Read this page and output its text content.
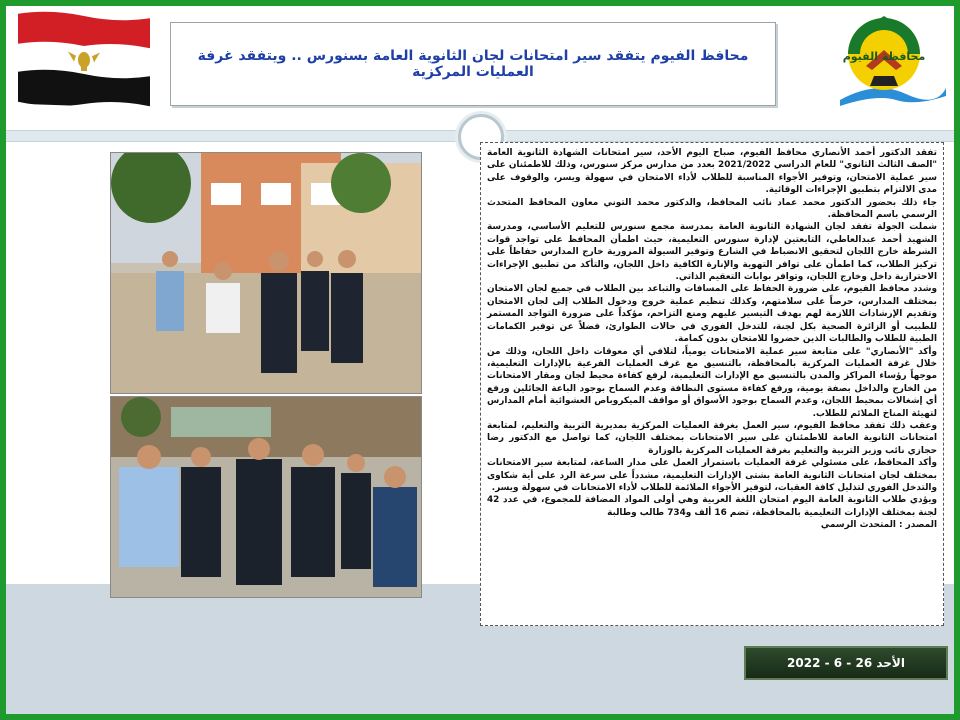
محافظ الفيوم يتفقد سير امتحانات لجان الثانوية العامة بسنورس .. ويتفقد غرفة العمليات المركزية
محافظة الفيوم

تفقد الدكتور أحمد الأنصاري محافظ الفيوم، صباح اليوم الأحد، سير امتحانات الشهادة الثانوية العامة "الصف الثالث الثانوي" للعام الدراسي 2021/2022 بعدد من مدارس مركز سنورس، وذلك للاطمئنان على سير عملية الامتحان، وتوفير الأجواء المناسبة للطلاب لأداء الامتحان في سهولة ويسر، والوقوف على مدى الالتزام بتطبيق الإجراءات الوقائية.

جاء ذلك بحضور الدكتور محمد عماد نائب المحافظ، والدكتور محمد التوني معاون المحافظ المتحدث الرسمي باسم المحافظة.

شملت الجولة تفقد لجان الشهادة الثانوية العامة بمدرسة مجمع سنورس للتعليم الأساسي، ومدرسة الشهيد أحمد عبدالعاطي، التابعتين لإدارة سنورس التعليمية، حيث اطمأن المحافظ على تواجد قوات الشرطة خارج اللجان لتحقيق الانضباط في الشارع وتوفير السيولة المرورية خارج المدارس حفاظاً على تركيز الطلاب، كما اطمأن على توافر التهوية والإنارة الكافية داخل اللجان، والتأكد من تطبيق الإجراءات الاحترازية داخل وخارج اللجان، وتوافر بوابات التعقيم الذاتي.

وشدد محافظ الفيوم، على ضرورة الحفاظ على المسافات والتباعد بين الطلاب في جميع لجان الامتحان بمختلف المدارس، حرصاً على سلامتهم، وكذلك تنظيم عملية خروج ودخول الطلاب إلى لجان الامتحان وتقديم الإرشادات اللازمة لهم بهدف التيسير عليهم ومنع التزاحم، مؤكداً على ضرورة التواجد المستمر للطبيب أو الزائرة الصحية بكل لجنة، للتدخل الفوري في حالات الطوارئ، فضلاً عن توفير الكمامات الطبية للطلاب والطالبات الذين حضروا للامتحان بدون كمامة.

وأكد "الأنصاري" على متابعة سير عملية الامتحانات يومياً، لتلافي أي معوقات داخل اللجان، وذلك من خلال غرفة العمليات المركزية بالمحافظة، بالتنسيق مع غرف العمليات الفرعية بالإدارات التعليمية، موجهاً رؤساء المراكز والمدن بالتنسيق مع الإدارات التعليمية، لرفع كفاءة محيط لجان ومقار الامتحانات من الخارج والداخل بصفة يومية، ورفع كفاءة مستوى النظافة وعدم السماح بوجود الباعة الجائلين ورفع أي إشغالات بمحيط اللجان، وعدم السماح بوجود الأسواق أو مواقف الميكروباص العشوائية أمام المدارس لتهيئة المناخ الملائم للطلاب.

وعقب ذلك تفقد محافظ الفيوم، سير العمل بغرفة العمليات المركزية بمديرية التربية والتعليم، لمتابعة امتحانات الثانوية العامة للاطمئنان على سير الامتحانات بمختلف اللجان، كما تواصل مع الدكتور رضا حجازي نائب وزير التربية والتعليم بغرفة العمليات المركزية بالوزارة

وأكد المحافظ، على مسئولي غرفة العمليات باستمرار العمل على مدار الساعة، لمتابعة سير الامتحانات بمختلف لجان امتحانات الثانوية العامة بشتى الإدارات التعليمية، مشدداً على سرعة الرد على أية شكاوى والتدخل الفوري لتذليل كافة العقبات، لتوفير الأجواء الملائمة للطلاب لأداء الامتحانات في سهولة ويسر.

ويؤدي طلاب الثانوية العامة اليوم امتحان اللغة العربية وهي أولى المواد المضافة للمجموع، في عدد 42 لجنة بمختلف الإدارات التعليمية بالمحافظة، تضم 16 ألف و734 طالب وطالبة

المصدر : المتحدث الرسمي

الأحد 26 - 6 - 2022
